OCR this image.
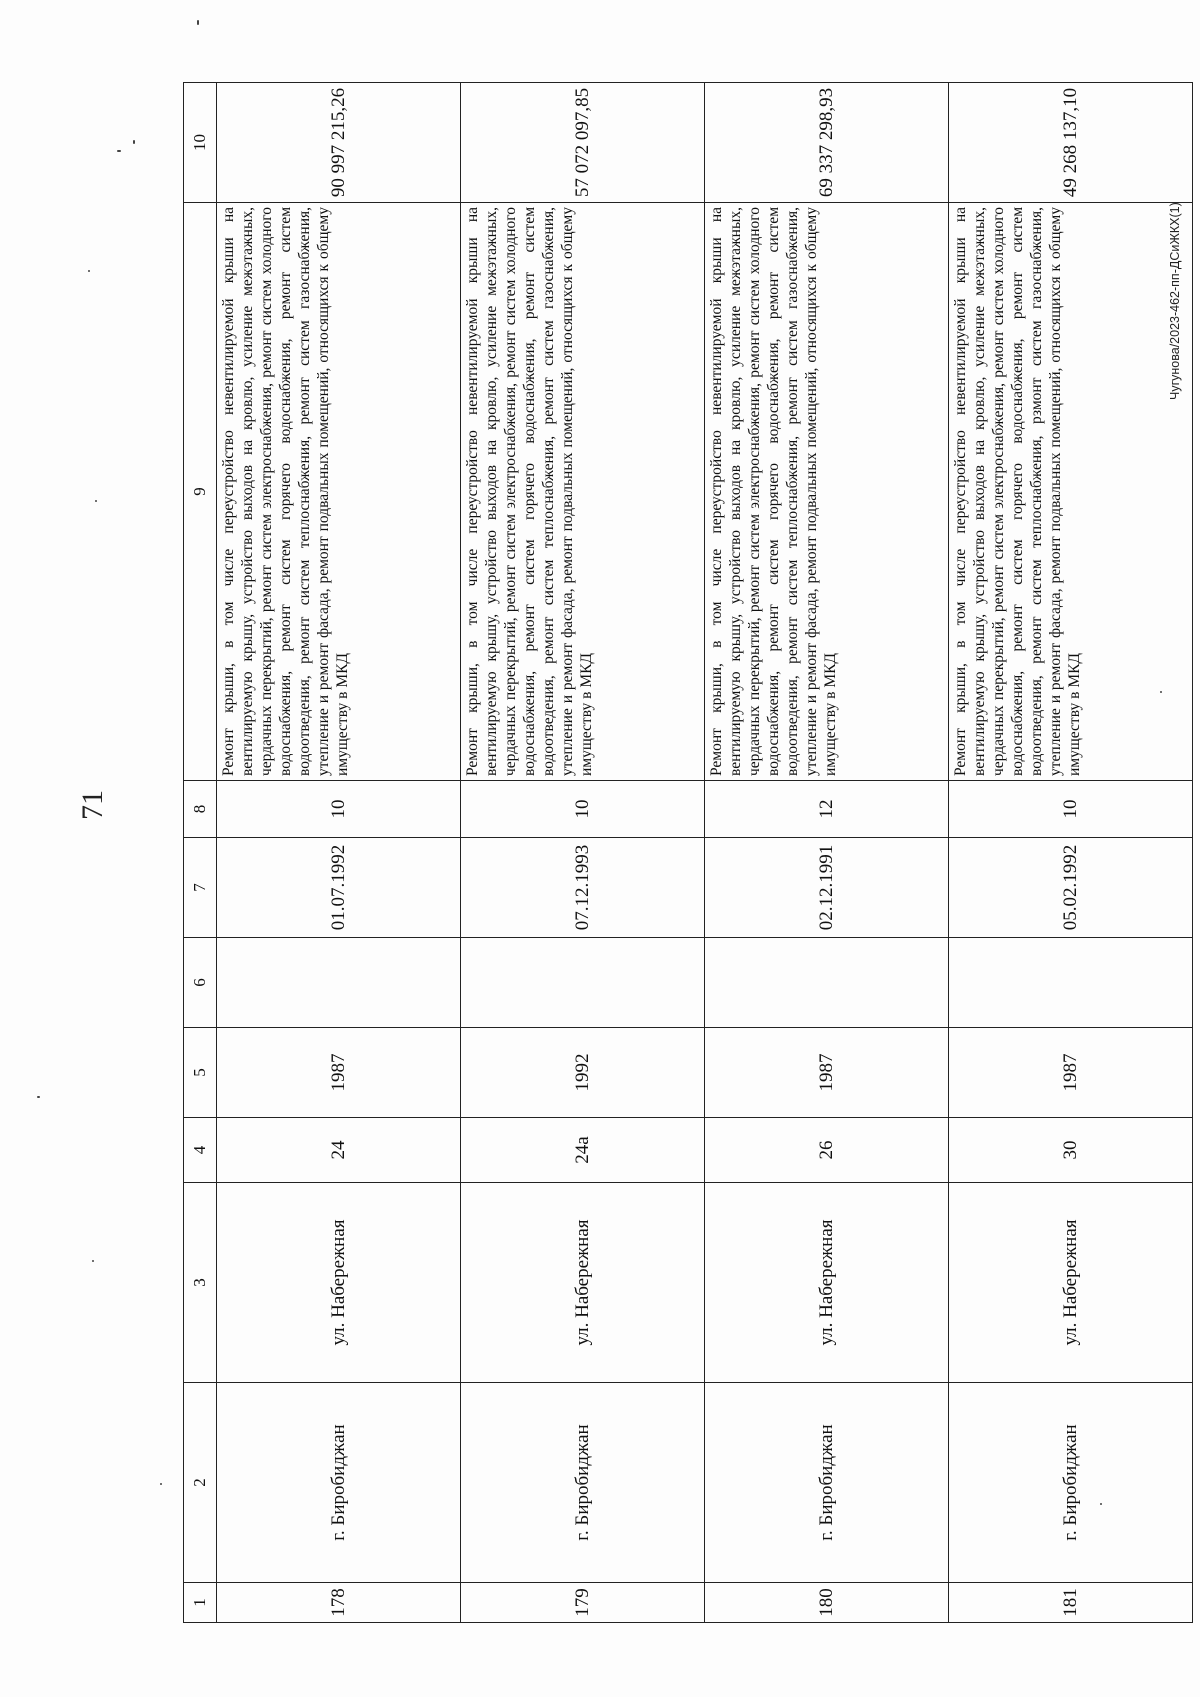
71
1	2	3	4	5	6	7	8	9	10
178	г. Биробиджан	ул. Набережная	24	1987		01.07.1992	10	Ремонт крыши, в том числе переустройство невентилируемой крыши на вентилируемую крышу, устройство выходов на кровлю, усиление межэтажных, чердачных перекрытий, ремонт систем электроснабжения, ремонт систем холодного водоснабжения, ремонт систем горячего водоснабжения, ремонт систем водоотведения, ремонт систем теплоснабжения, ремонт систем газоснабжения, утепление и ремонт фасада, ремонт подвальных помещений, относящихся к общему имуществу в МКД	90 997 215,26
179	г. Биробиджан	ул. Набережная	24а	1992		07.12.1993	10	Ремонт крыши, в том числе переустройство невентилируемой крыши на вентилируемую крышу, устройство выходов на кровлю, усиление межэтажных, чердачных перекрытий, ремонт систем электроснабжения, ремонт систем холодного водоснабжения, ремонт систем горячего водоснабжения, ремонт систем водоотведения, ремонт систем теплоснабжения, ремонт систем газоснабжения, утепление и ремонт фасада, ремонт подвальных помещений, относящихся к общему имуществу в МКД	57 072 097,85
180	г. Биробиджан	ул. Набережная	26	1987		02.12.1991	12	Ремонт крыши, в том числе переустройство невентилируемой крыши на вентилируемую крышу, устройство выходов на кровлю, усиление межэтажных, чердачных перекрытий, ремонт систем электроснабжения, ремонт систем холодного водоснабжения, ремонт систем горячего водоснабжения, ремонт систем водоотведения, ремонт систем теплоснабжения, ремонт систем газоснабжения, утепление и ремонт фасада, ремонт подвальных помещений, относящихся к общему имуществу в МКД	69 337 298,93
181	г. Биробиджан	ул. Набережная	30	1987		05.02.1992	10	Ремонт крыши, в том числе переустройство невентилируемой крыши на вентилируемую крышу, устройство выходов на кровлю, усиление межэтажных, чердачных перекрытий, ремонт систем электроснабжения, ремонт систем холодного водоснабжения, ремонт систем горячего водоснабжения, ремонт систем водоотведения, ремонт систем теплоснабжения, рзмонт систем газоснабжения, утепление и ремонт фасада, ремонт подвальных помещений, относящихся к общему имуществу в МКД	49 268 137,10
Чугунова/2023-462-пп-ДСиЖКХ(1)
